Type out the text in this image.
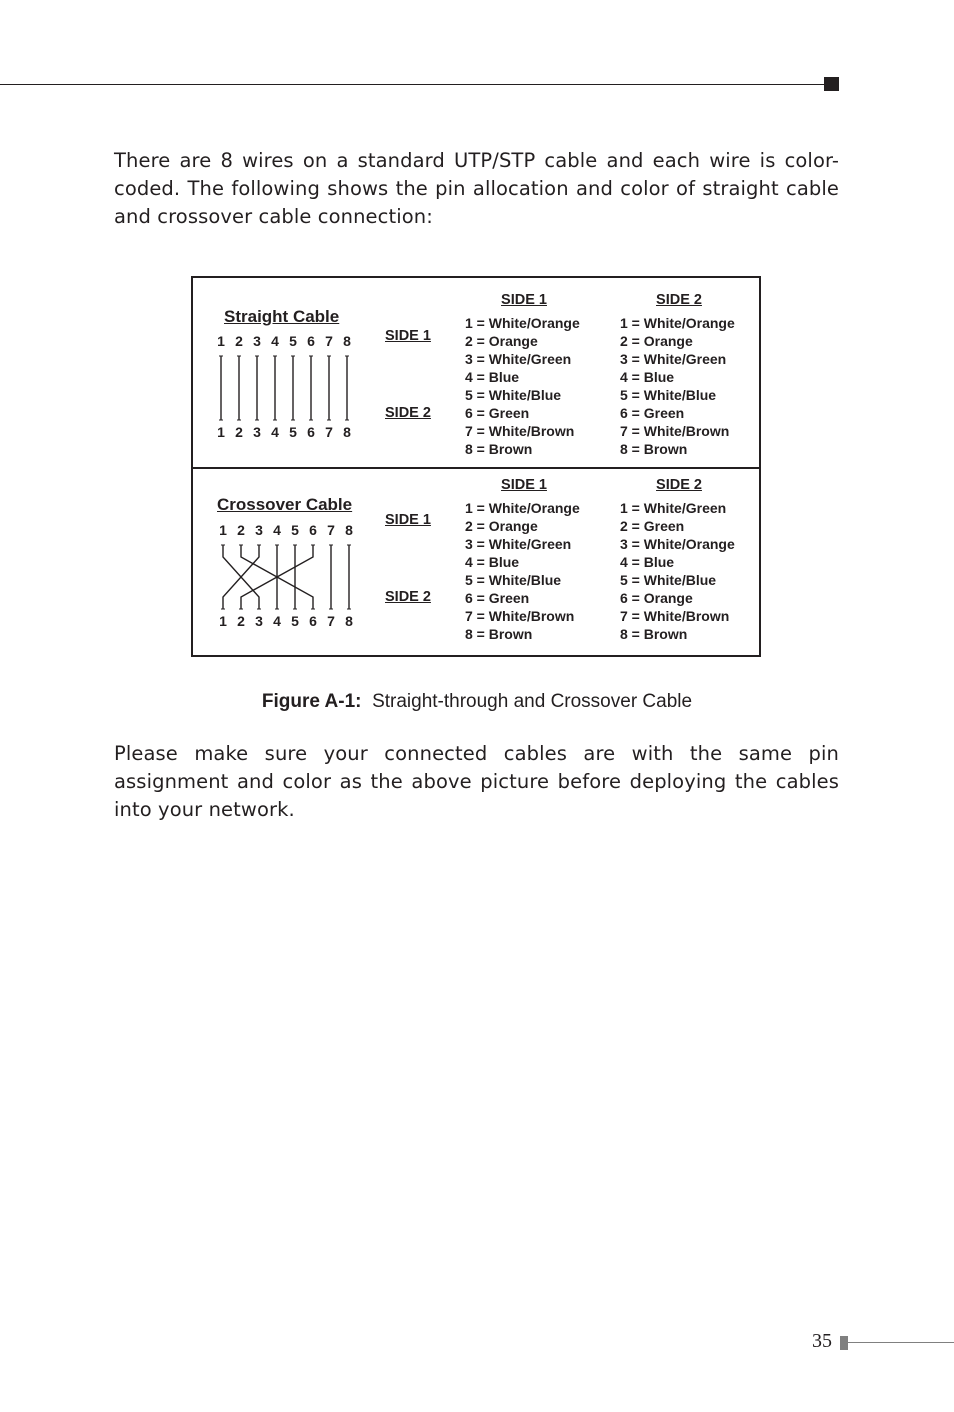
There are 8 wires on a standard UTP/STP cable and each wire is color-coded. The following shows the pin allocation and color of straight cable and crossover cable connection:

Straight Cable
1
1
2
2
3
3
4
4
5
5
6
6
7
7
8
8
SIDE 1
SIDE 2
SIDE 1	SIDE 2
1 = White/Orange
2 = Orange
3 = White/Green
4 = Blue
5 = White/Blue
6 = Green
7 = White/Brown
8 = Brown
1 = White/Orange
2 = Orange
3 = White/Green
4 = Blue
5 = White/Blue
6 = Green
7 = White/Brown
8 = Brown
Crossover Cable
1
1
2
2
3
3
4
4
5
5
6
6
7
7
8
8
SIDE 1
SIDE 2
SIDE 1	SIDE 2
1 = White/Orange
2 = Orange
3 = White/Green
4 = Blue
5 = White/Blue
6 = Green
7 = White/Brown
8 = Brown
1 = White/Green
2 = Green
3 = White/Orange
4 = Blue
5 = White/Blue
6 = Orange
7 = White/Brown
8 = Brown
Figure A-1: Straight-through and Crossover Cable

Please make sure your connected cables are with the same pin assignment and color as the above picture before deploying the cables into your network.

35
